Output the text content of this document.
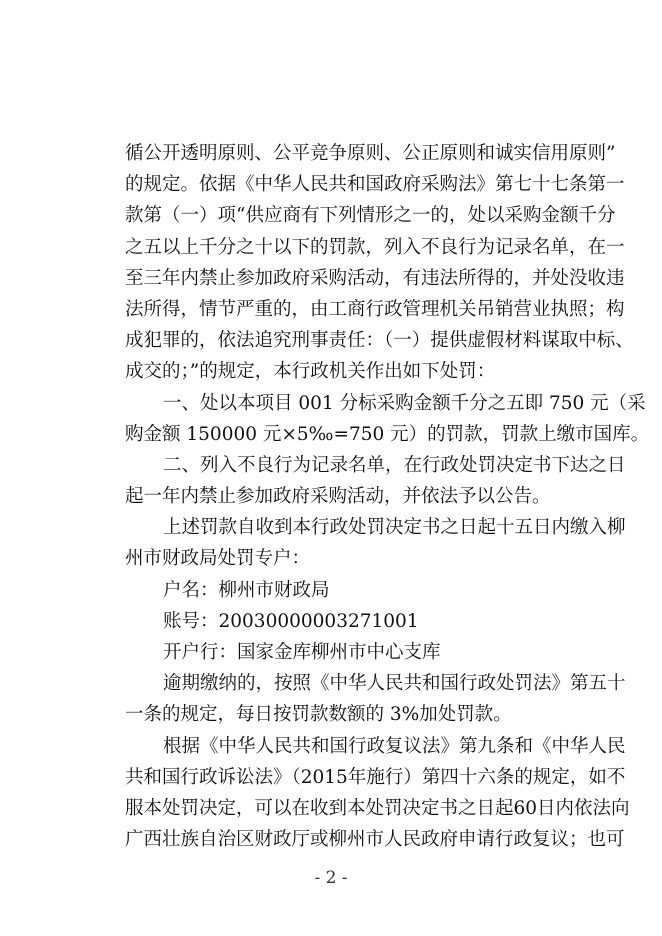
循公开透明原则、公平竞争原则、公正原则和诚实信用原则”
的规定。依据《中华人民共和国政府采购法》第七十七条第一
款第（一）项“供应商有下列情形之一的，处以采购金额千分
之五以上千分之十以下的罚款，列入不良行为记录名单，在一
至三年内禁止参加政府采购活动，有违法所得的，并处没收违
法所得，情节严重的，由工商行政管理机关吊销营业执照；构
成犯罪的，依法追究刑事责任：（一）提供虚假材料谋取中标、
成交的；”的规定，本行政机关作出如下处罚：
一、处以本项目 001 分标采购金额千分之五即 750 元（采
购金额 150000 元×5‰=750 元）的罚款，罚款上缴市国库。
二、列入不良行为记录名单，在行政处罚决定书下达之日
起一年内禁止参加政府采购活动，并依法予以公告。
上述罚款自收到本行政处罚决定书之日起十五日内缴入柳
州市财政局处罚专户：
户名：柳州市财政局
账号：20030000003271001
开户行：国家金库柳州市中心支库
逾期缴纳的，按照《中华人民共和国行政处罚法》第五十
一条的规定，每日按罚款数额的 3%加处罚款。
根据《中华人民共和国行政复议法》第九条和《中华人民
共和国行政诉讼法》（2015年施行）第四十六条的规定，如不
服本处罚决定，可以在收到本处罚决定书之日起60日内依法向
广西壮族自治区财政厅或柳州市人民政府申请行政复议；也可
- 2 -
